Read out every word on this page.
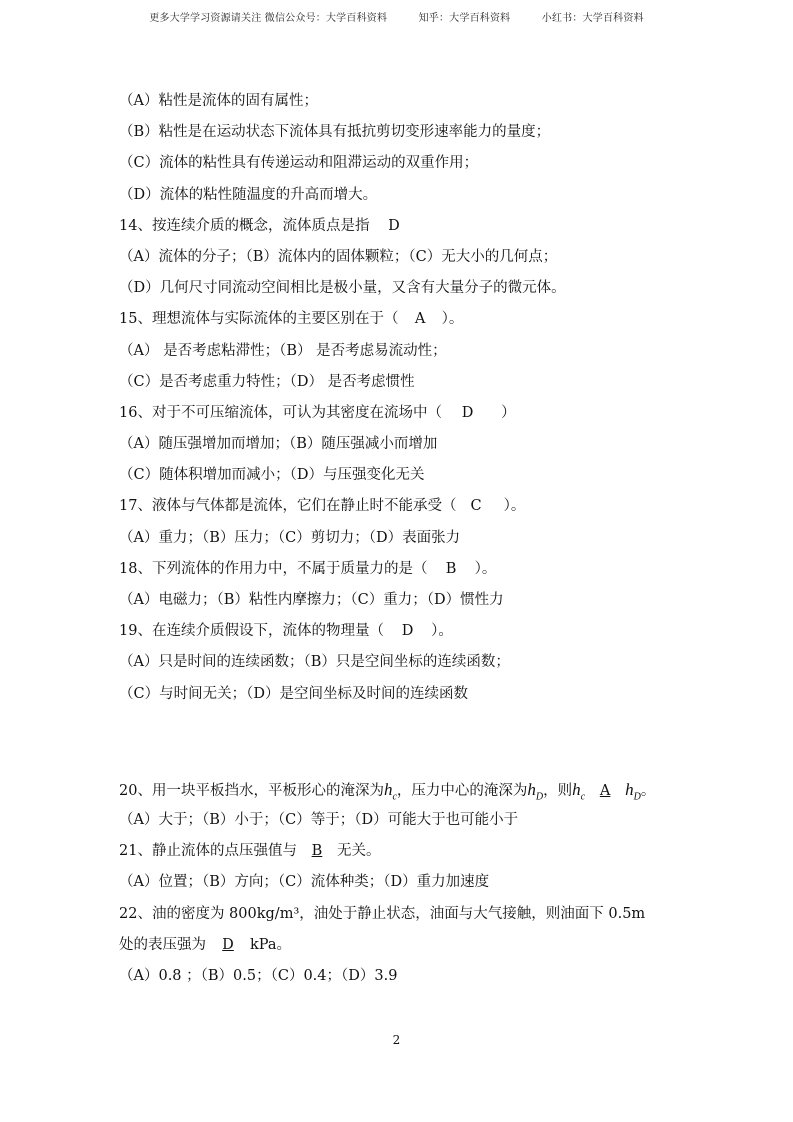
更多大学学习资源请关注 微信公众号：大学百科资料	知乎：大学百科资料	小红书：大学百科资料
（A）粘性是流体的固有属性；
（B）粘性是在运动状态下流体具有抵抗剪切变形速率能力的量度；
（C）流体的粘性具有传递运动和阻滞运动的双重作用；
（D）流体的粘性随温度的升高而增大。
14、按连续介质的概念，流体质点是指 D
（A）流体的分子；（B）流体内的固体颗粒；（C）无大小的几何点；
（D）几何尺寸同流动空间相比是极小量，又含有大量分子的微元体。
15、理想流体与实际流体的主要区别在于（ A ）。
（A） 是否考虑粘滞性；（B） 是否考虑易流动性；
（C）是否考虑重力特性；（D） 是否考虑惯性
16、对于不可压缩流体，可认为其密度在流场中（ D ）
（A）随压强增加而增加；（B）随压强减小而增加
（C）随体积增加而减小；（D）与压强变化无关
17、液体与气体都是流体，它们在静止时不能承受（ C ）。
（A）重力；（B）压力；（C）剪切力；（D）表面张力
18、下列流体的作用力中，不属于质量力的是（ B ）。
（A）电磁力；（B）粘性内摩擦力；（C）重力；（D）惯性力
19、在连续介质假设下，流体的物理量（ D ）。
（A）只是时间的连续函数；（B）只是空间坐标的连续函数；
（C）与时间无关；（D）是空间坐标及时间的连续函数
20、用一块平板挡水，平板形心的淹深为$h_c$，压力中心的淹深为$h_D$，则$h_c$ A $h_D$。
（A）大于；（B）小于；（C）等于；（D）可能大于也可能小于
21、静止流体的点压强值与 B 无关。
（A）位置；（B）方向；（C）流体种类；（D）重力加速度
22、油的密度为 800kg/m³，油处于静止状态，油面与大气接触，则油面下 0.5m
处的表压强为 D kPa。
（A）0.8 ；（B）0.5；（C）0.4；（D）3.9
2
